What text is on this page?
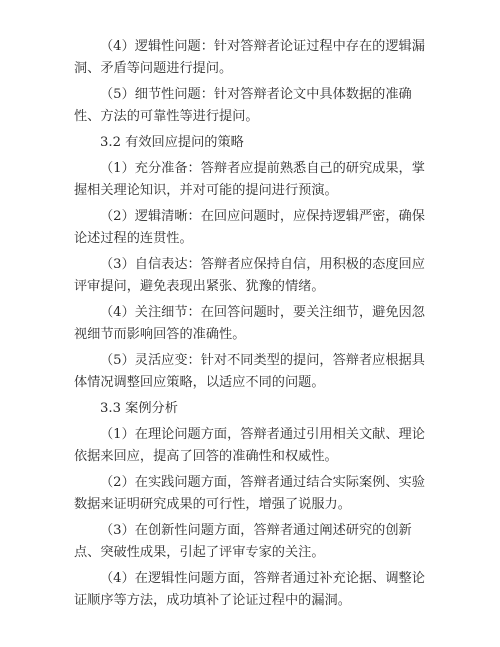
（4）逻辑性问题：针对答辩者论证过程中存在的逻辑漏洞、矛盾等问题进行提问。

（5）细节性问题：针对答辩者论文中具体数据的准确性、方法的可靠性等进行提问。

3.2 有效回应提问的策略

（1）充分准备：答辩者应提前熟悉自己的研究成果，掌握相关理论知识，并对可能的提问进行预演。

（2）逻辑清晰：在回应问题时，应保持逻辑严密，确保论述过程的连贯性。

（3）自信表达：答辩者应保持自信，用积极的态度回应评审提问，避免表现出紧张、犹豫的情绪。

（4）关注细节：在回答问题时，要关注细节，避免因忽视细节而影响回答的准确性。

（5）灵活应变：针对不同类型的提问，答辩者应根据具体情况调整回应策略，以适应不同的问题。

3.3 案例分析

（1）在理论问题方面，答辩者通过引用相关文献、理论依据来回应，提高了回答的准确性和权威性。

（2）在实践问题方面，答辩者通过结合实际案例、实验数据来证明研究成果的可行性，增强了说服力。

（3）在创新性问题方面，答辩者通过阐述研究的创新点、突破性成果，引起了评审专家的关注。

（4）在逻辑性问题方面，答辩者通过补充论据、调整论证顺序等方法，成功填补了论证过程中的漏洞。
